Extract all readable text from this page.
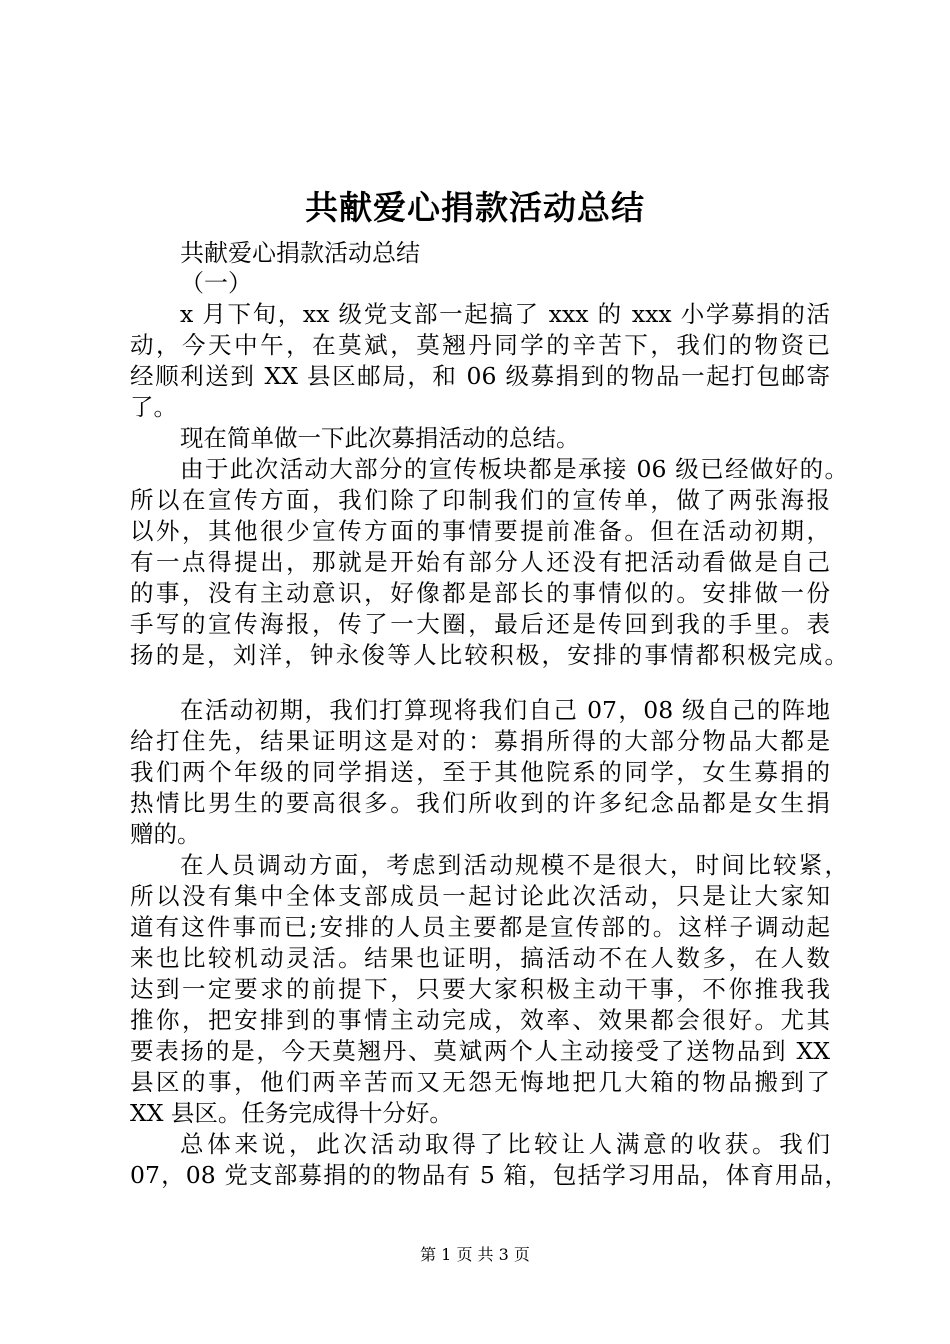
共献爱心捐款活动总结
共献爱心捐款活动总结
（一）
x 月下旬，xx 级党支部一起搞了 xxx 的 xxx 小学募捐的活
动，今天中午，在莫斌，莫翘丹同学的辛苦下，我们的物资已
经顺利送到 XX 县区邮局，和 06 级募捐到的物品一起打包邮寄
了。
现在简单做一下此次募捐活动的总结。
由于此次活动大部分的宣传板块都是承接 06 级已经做好的。
所以在宣传方面，我们除了印制我们的宣传单，做了两张海报
以外，其他很少宣传方面的事情要提前准备。但在活动初期，
有一点得提出，那就是开始有部分人还没有把活动看做是自己
的事，没有主动意识，好像都是部长的事情似的。安排做一份
手写的宣传海报，传了一大圈，最后还是传回到我的手里。表
扬的是，刘洋，钟永俊等人比较积极，安排的事情都积极完成。
在活动初期，我们打算现将我们自己 07，08 级自己的阵地
给打住先，结果证明这是对的：募捐所得的大部分物品大都是
我们两个年级的同学捐送，至于其他院系的同学，女生募捐的
热情比男生的要高很多。我们所收到的许多纪念品都是女生捐
赠的。
在人员调动方面，考虑到活动规模不是很大，时间比较紧，
所以没有集中全体支部成员一起讨论此次活动，只是让大家知
道有这件事而已;安排的人员主要都是宣传部的。这样子调动起
来也比较机动灵活。结果也证明，搞活动不在人数多，在人数
达到一定要求的前提下，只要大家积极主动干事，不你推我我
推你，把安排到的事情主动完成，效率、效果都会很好。尤其
要表扬的是，今天莫翘丹、莫斌两个人主动接受了送物品到 XX
县区的事，他们两辛苦而又无怨无悔地把几大箱的物品搬到了
XX 县区。任务完成得十分好。
总体来说，此次活动取得了比较让人满意的收获。我们
07，08 党支部募捐的的物品有 5 箱，包括学习用品，体育用品，
第 1 页 共 3 页
